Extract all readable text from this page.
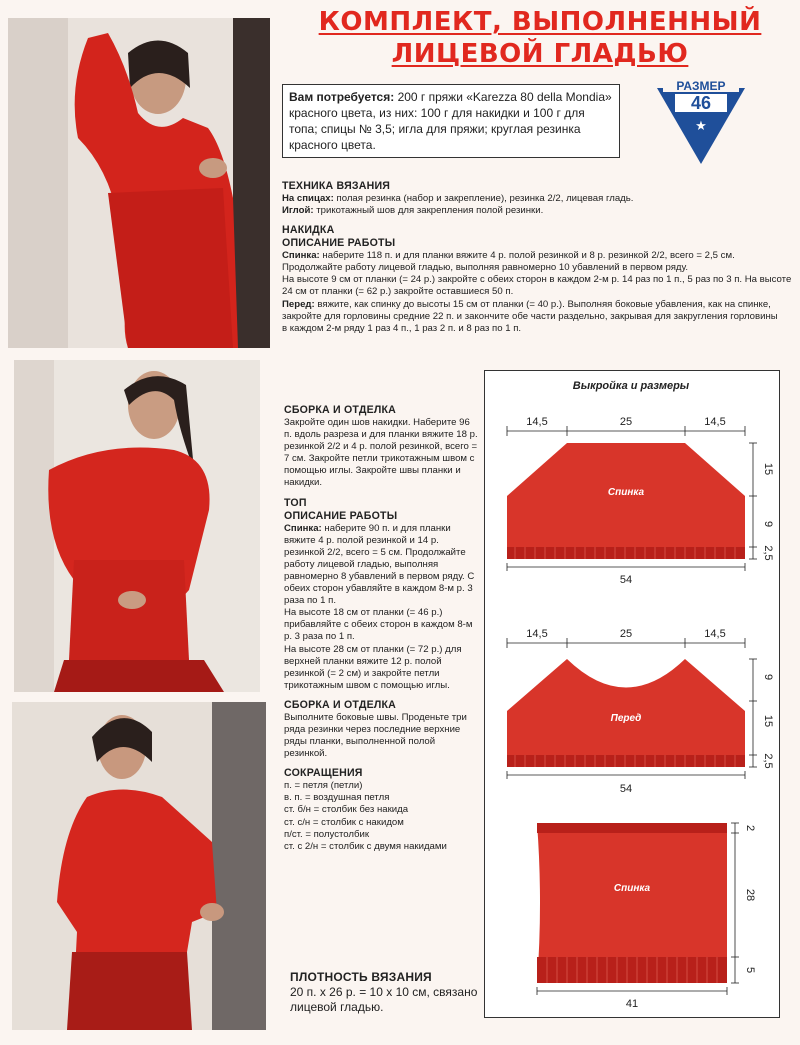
КОМПЛЕКТ, ВЫПОЛНЕННЫЙ
ЛИЦЕВОЙ ГЛАДЬЮ
Вам потребуется: 200 г пряжи «Karezza 80 della Mondia» красного цвета, из них: 100 г для накидки и 100 г для топа; спицы № 3,5; игла для пряжи; круглая резинка красного цвета.
РАЗМЕР
46
★
ТЕХНИКА ВЯЗАНИЯ

На спицах: полая резинка (набор и закрепление), резинка 2/2, лицевая гладь.

Иглой: трикотажный шов для закрепления полой резинки.

НАКИДКА
ОПИСАНИЕ РАБОТЫ

Спинка: наберите 118 п. и для планки вяжите 4 р. полой резинкой и 8 р. резинкой 2/2, всего = 2,5 см. Продолжайте работу лицевой гладью, выполняя равномерно 10 убавлений в первом ряду.

На высоте 9 см от планки (= 24 р.) закройте с обеих сторон в каждом 2-м р. 14 раз по 1 п., 5 раз по 3 п. На высоте 24 см от планки (= 62 р.) закройте оставшиеся 50 п.

Перед: вяжите, как спинку до высоты 15 см от планки (= 40 р.). Выполняя боковые убавления, как на спинке, закройте для горловины средние 22 п. и закончите обе части раздельно, закрывая для закругления горловины в каждом 2-м ряду 1 раз 4 п., 1 раз 2 п. и 8 раз по 1 п.

СБОРКА И ОТДЕЛКА

Закройте один шов накидки. Наберите 96 п. вдоль разреза и для планки вяжите 18 р. резинкой 2/2 и 4 р. полой резинкой, всего = 7 см. Закройте петли трикотажным швом с помощью иглы. Закройте швы планки и накидки.

ТОП
ОПИСАНИЕ РАБОТЫ

Спинка: наберите 90 п. и для планки вяжите 4 р. полой резинкой и 14 р. резинкой 2/2, всего = 5 см. Продолжайте работу лицевой гладью, выполняя равномерно 8 убавлений в первом ряду. С обеих сторон убавляйте в каждом 8-м р. 3 раза по 1 п.

На высоте 18 см от планки (= 46 р.) прибавляйте с обеих сторон в каждом 8-м р. 3 раза по 1 п.

На высоте 28 см от планки (= 72 р.) для верхней планки вяжите 12 р. полой резинкой (= 2 см) и закройте петли трикотажным швом с помощью иглы.

СБОРКА И ОТДЕЛКА

Выполните боковые швы. Проденьте три ряда резинки через последние верхние ряды планки, выполненной полой резинкой.

СОКРАЩЕНИЯ

п. = петля (петли)

в. п. = воздушная петля

ст. б/н = столбик без накида

ст. с/н = столбик с накидом

п/ст. = полустолбик

ст. с 2/н = столбик с двумя накидами

ПЛОТНОСТЬ ВЯЗАНИЯ

20 п. х 26 р. = 10 х 10 см, связано лицевой гладью.

Выкройка и размеры
14,5	25	14,5
Спинка
15
9
2,5
54
14,5	25	14,5
Перед
9
15
2,5
54
Спинка
2
28
5
41
